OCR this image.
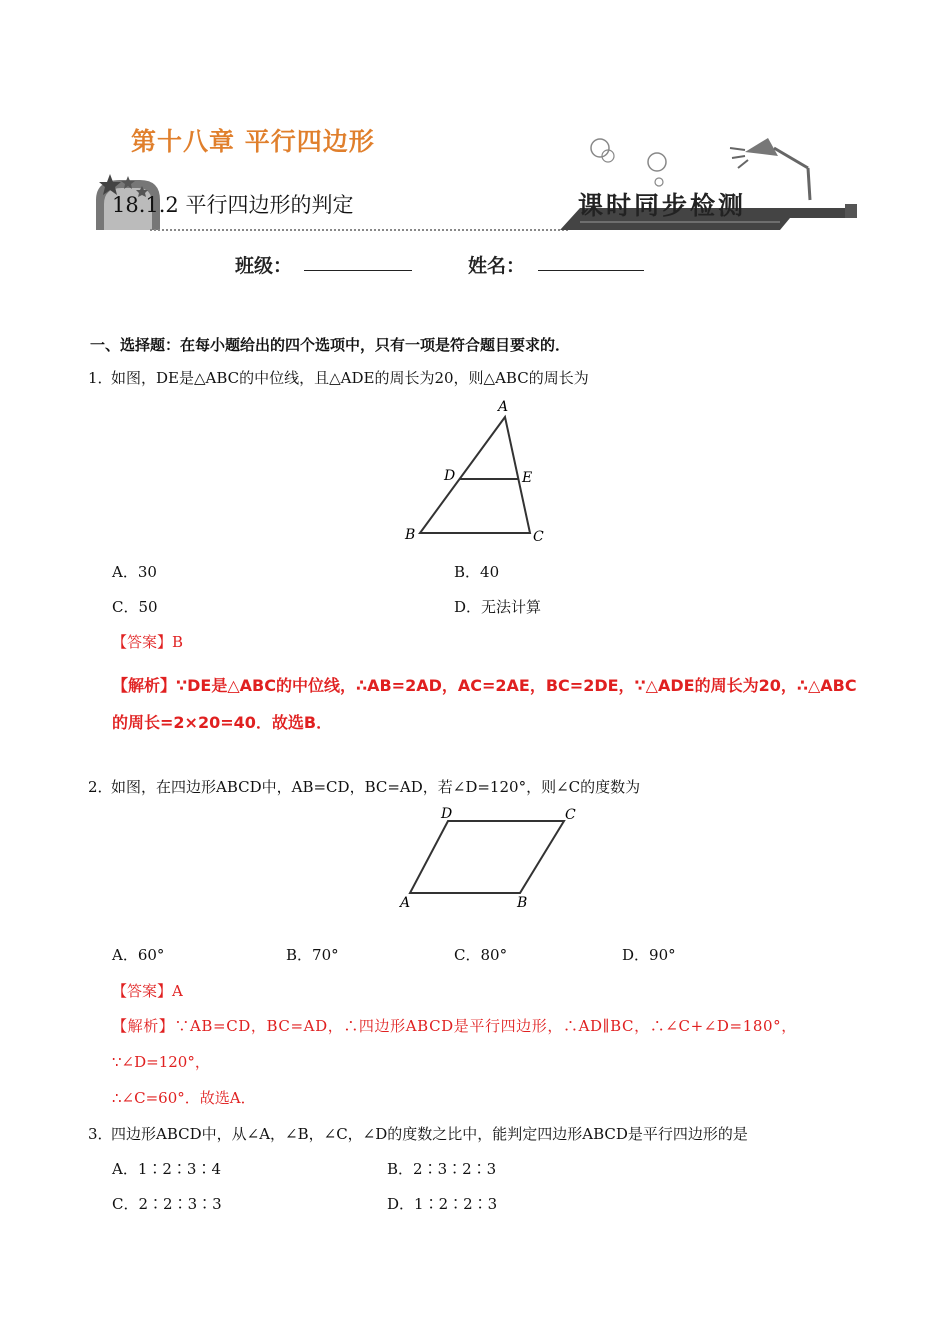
第十八章 平行四边形
18.1.2 平行四边形的判定	课时同步检测
班级：	姓名：
一、选择题：在每小题给出的四个选项中，只有一项是符合题目要求的．
1．
如图，DE是△ABC的中位线，且△ADE的周长为20，则△ABC的周长为
A
D	E
B	C
A．30	B．40
C．50	D．无法计算
【答案】B
【解析】∵DE是△ABC的中位线，∴AB=2AD，AC=2AE，BC=2DE，∵△ADE的周长为20，∴△ABC
的周长=2×20=40．故选B．
2．
如图，在四边形ABCD中，AB=CD，BC=AD，若∠D=120°，则∠C的度数为
D	C
A	B
A．60°	B．70°	C．80°	D．90°
【答案】A
【解析】∵AB=CD，BC=AD，∴四边形ABCD是平行四边形，∴AD∥BC，∴∠C+∠D=180°，
∵∠D=120°，
∴∠C=60°．故选A．
3．
四边形ABCD中，从∠A，∠B，∠C，∠D的度数之比中，能判定四边形ABCD是平行四边形的是
A．1∶2∶3∶4	B．2∶3∶2∶3
C．2∶2∶3∶3	D．1∶2∶2∶3
